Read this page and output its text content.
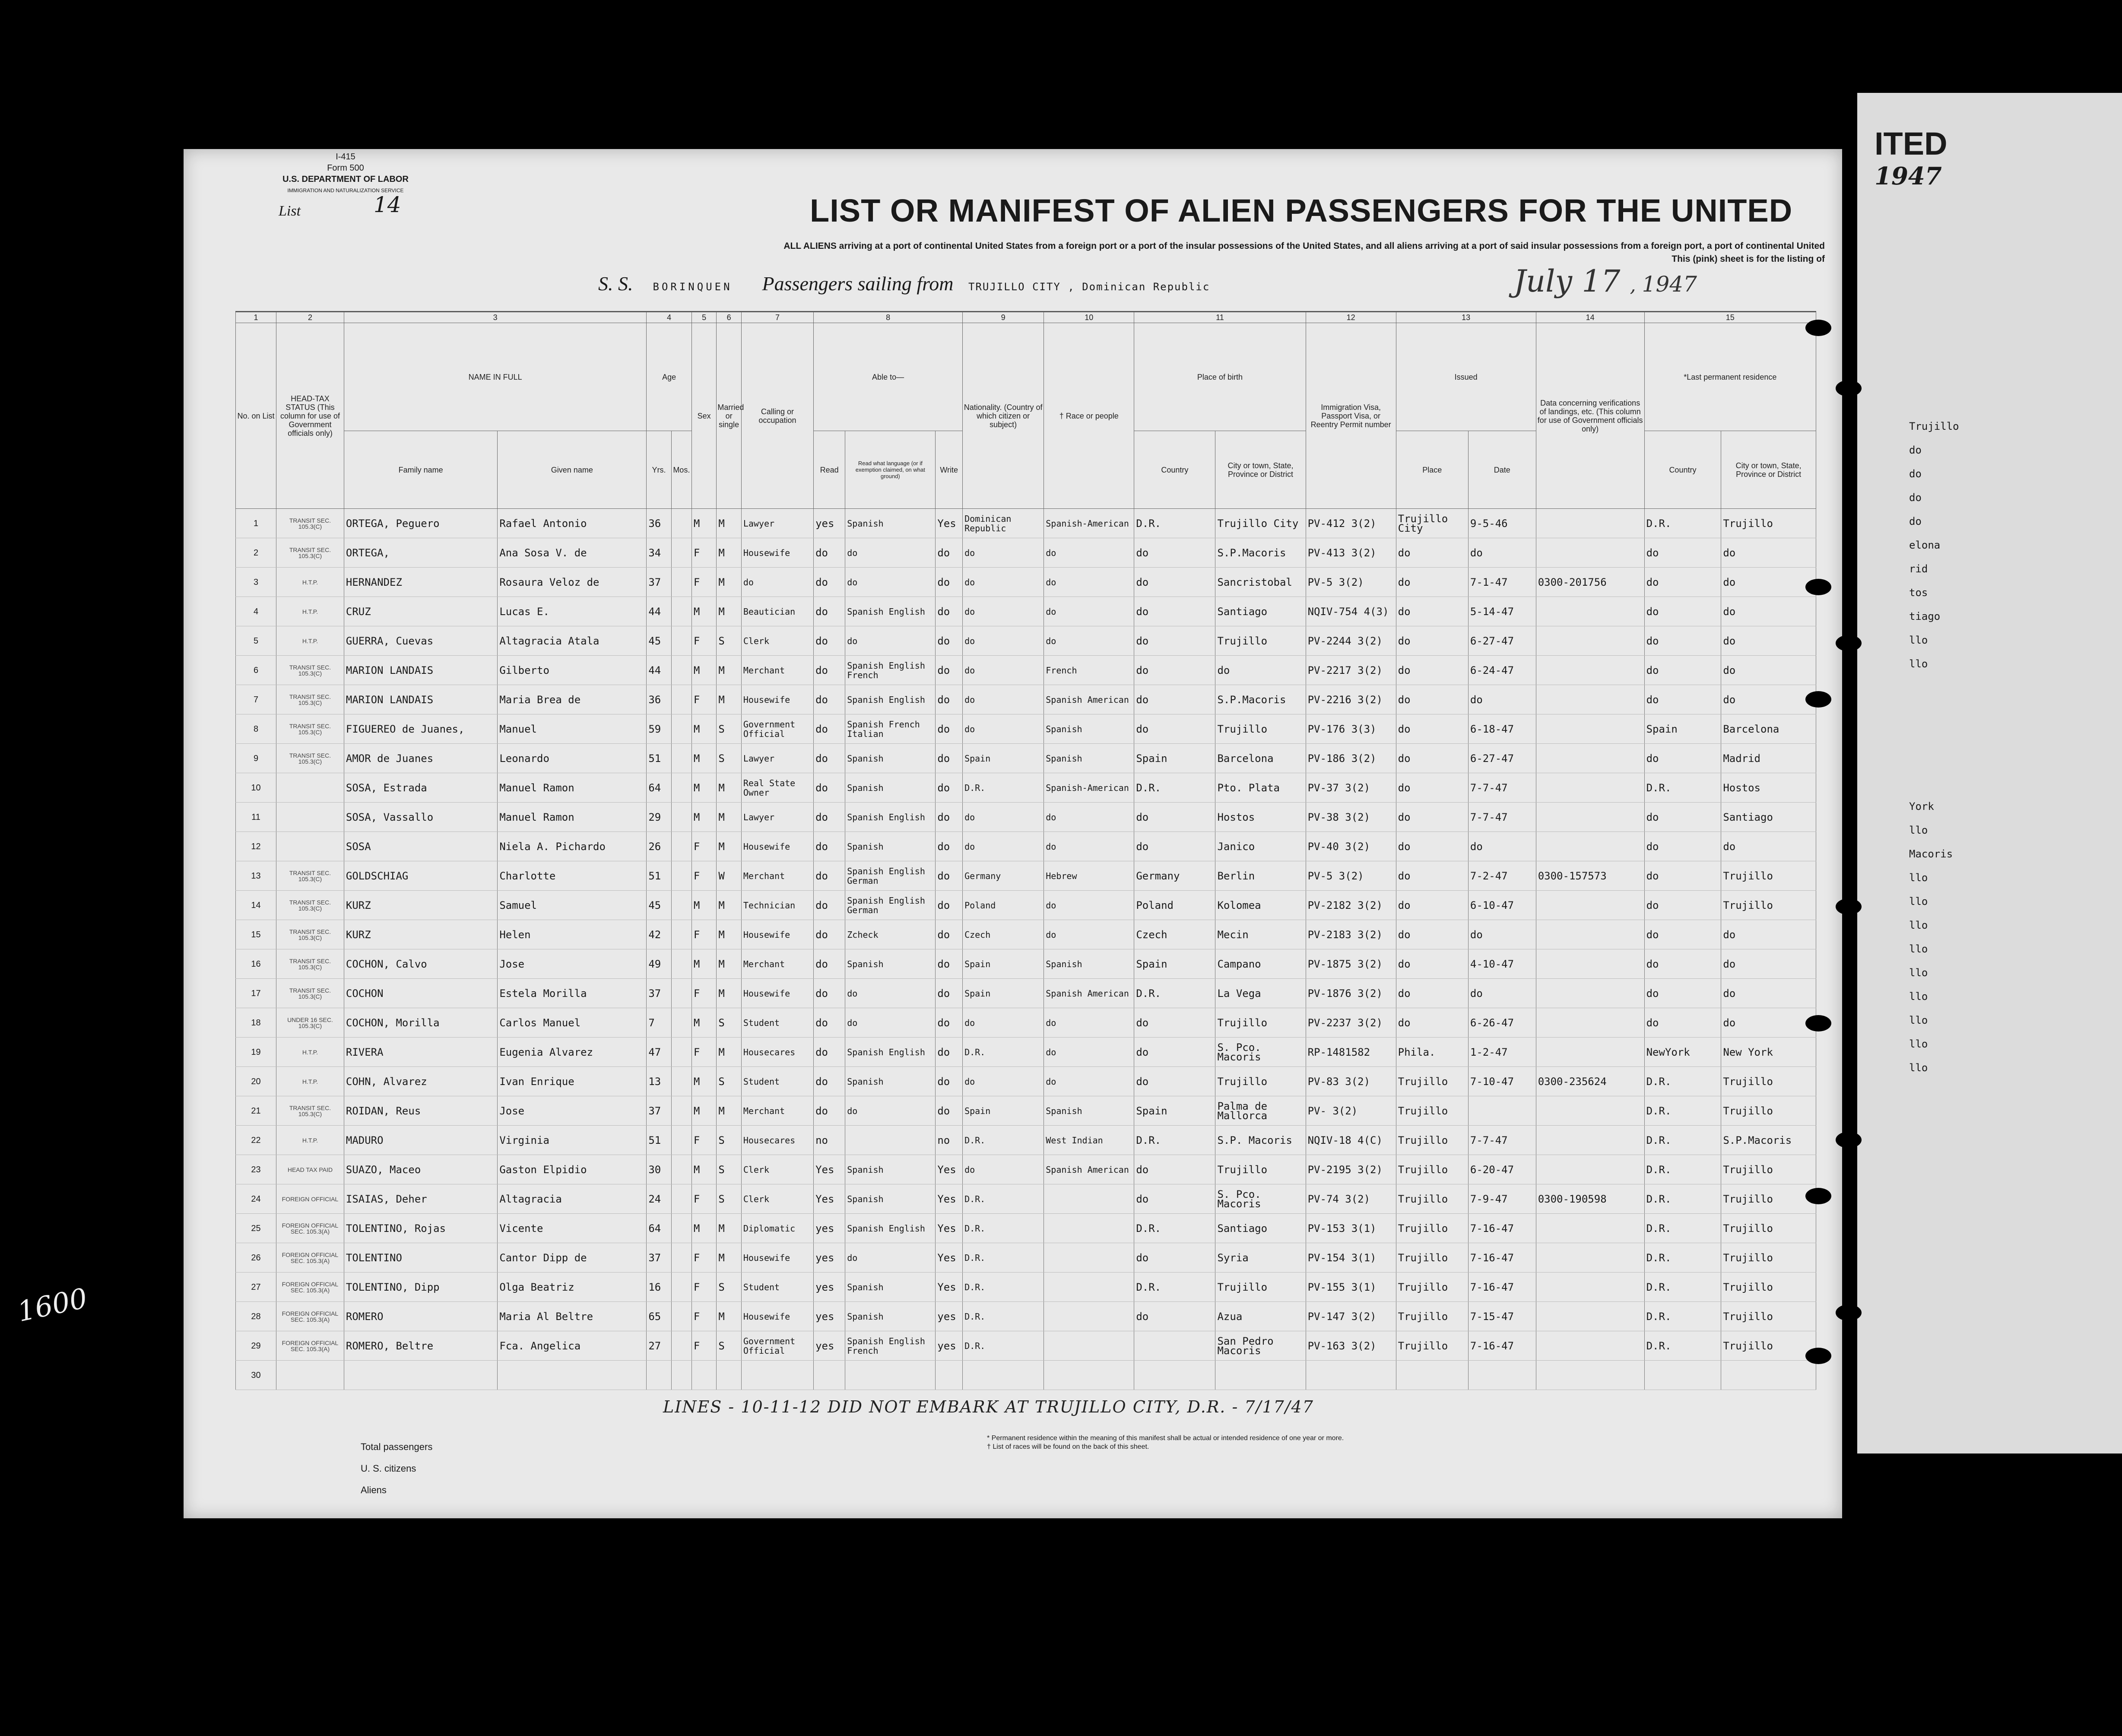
I-415
Form 500
U.S. DEPARTMENT OF LABOR
IMMIGRATION AND NATURALIZATION SERVICE
List	14	LIST OR MANIFEST OF ALIEN PASSENGERS FOR THE UNITED
ALL ALIENS arriving at a port of continental United States from a foreign port or a port of the insular possessions of the United States, and all aliens arriving at a port of said insular possessions from a foreign port, a port of continental United
This (pink) sheet is for the listing of
S. S. BORINQUEN Passengers sailing from TRUJILLO CITY , Dominican Republic	July 17 , 1947
1	2	3		4		5	6	7	8			9	10	11		12	13		14	15	
No. on List	HEAD-TAX STATUS (This column for use of Government officials only)	NAME IN FULL		Age		Sex	Married or single	Calling or occupation	Able to—			Nationality. (Country of which citizen or subject)	† Race or people	Place of birth		Immigration Visa, Passport Visa, or Reentry Permit number	Issued		Data concerning verifications of landings, etc. (This column for use of Government officials only)	*Last permanent residence	
		Family name	Given name	Yrs.	Mos.				Read	Read what language (or if exemption claimed, on what ground)	Write			Country	City or town, State, Province or District		Place	Date		Country	City or town, State, Province or District
1	TRANSIT SEC. 105.3(C)	ORTEGA, Peguero	Rafael Antonio	36		M	M	Lawyer	yes	Spanish	Yes	Dominican Republic	Spanish-American	D.R.	Trujillo City	PV-412 3(2)	Trujillo City	9-5-46		D.R.	Trujillo
2	TRANSIT SEC. 105.3(C)	ORTEGA,	Ana Sosa V. de	34		F	M	Housewife	do	do	do	do	do	do	S.P.Macoris	PV-413 3(2)	do	do		do	do
3	H.T.P.	HERNANDEZ	Rosaura Veloz de	37		F	M	do	do	do	do	do	do	do	Sancristobal	PV-5 3(2)	do	7-1-47	0300-201756	do	do
4	H.T.P.	CRUZ	Lucas E.	44		M	M	Beautician	do	Spanish English	do	do	do	do	Santiago	NQIV-754 4(3)	do	5-14-47		do	do
5	H.T.P.	GUERRA, Cuevas	Altagracia Atala	45		F	S	Clerk	do	do	do	do	do	do	Trujillo	PV-2244 3(2)	do	6-27-47		do	do
6	TRANSIT SEC. 105.3(C)	MARION LANDAIS	Gilberto	44		M	M	Merchant	do	Spanish English French	do	do	French	do	do	PV-2217 3(2)	do	6-24-47		do	do
7	TRANSIT SEC. 105.3(C)	MARION LANDAIS	Maria Brea de	36		F	M	Housewife	do	Spanish English	do	do	Spanish American	do	S.P.Macoris	PV-2216 3(2)	do	do		do	do
8	TRANSIT SEC. 105.3(C)	FIGUEREO de Juanes,	Manuel	59		M	S	Government Official	do	Spanish French Italian	do	do	Spanish	do	Trujillo	PV-176 3(3)	do	6-18-47		Spain	Barcelona
9	TRANSIT SEC. 105.3(C)	AMOR de Juanes	Leonardo	51		M	S	Lawyer	do	Spanish	do	Spain	Spanish	Spain	Barcelona	PV-186 3(2)	do	6-27-47		do	Madrid
10		SOSA, Estrada	Manuel Ramon	64		M	M	Real State Owner	do	Spanish	do	D.R.	Spanish-American	D.R.	Pto. Plata	PV-37 3(2)	do	7-7-47		D.R.	Hostos
11		SOSA, Vassallo	Manuel Ramon	29		M	M	Lawyer	do	Spanish English	do	do	do	do	Hostos	PV-38 3(2)	do	7-7-47		do	Santiago
12		SOSA	Niela A. Pichardo	26		F	M	Housewife	do	Spanish	do	do	do	do	Janico	PV-40 3(2)	do	do		do	do
13	TRANSIT SEC. 105.3(C)	GOLDSCHIAG	Charlotte	51		F	W	Merchant	do	Spanish English German	do	Germany	Hebrew	Germany	Berlin	PV-5 3(2)	do	7-2-47	0300-157573	do	Trujillo
14	TRANSIT SEC. 105.3(C)	KURZ	Samuel	45		M	M	Technician	do	Spanish English German	do	Poland	do	Poland	Kolomea	PV-2182 3(2)	do	6-10-47		do	Trujillo
15	TRANSIT SEC. 105.3(C)	KURZ	Helen	42		F	M	Housewife	do	Zcheck	do	Czech	do	Czech	Mecin	PV-2183 3(2)	do	do		do	do
16	TRANSIT SEC. 105.3(C)	COCHON, Calvo	Jose	49		M	M	Merchant	do	Spanish	do	Spain	Spanish	Spain	Campano	PV-1875 3(2)	do	4-10-47		do	do
17	TRANSIT SEC. 105.3(C)	COCHON	Estela Morilla	37		F	M	Housewife	do	do	do	Spain	Spanish American	D.R.	La Vega	PV-1876 3(2)	do	do		do	do
18	UNDER 16 SEC. 105.3(C)	COCHON, Morilla	Carlos Manuel	7		M	S	Student	do	do	do	do	do	do	Trujillo	PV-2237 3(2)	do	6-26-47		do	do
19	H.T.P.	RIVERA	Eugenia Alvarez	47		F	M	Housecares	do	Spanish English	do	D.R.	do	do	S. Pco. Macoris	RP-1481582	Phila.	1-2-47		NewYork	New York
20	H.T.P.	COHN, Alvarez	Ivan Enrique	13		M	S	Student	do	Spanish	do	do	do	do	Trujillo	PV-83 3(2)	Trujillo	7-10-47	0300-235624	D.R.	Trujillo
21	TRANSIT SEC. 105.3(C)	ROIDAN, Reus	Jose	37		M	M	Merchant	do	do	do	Spain	Spanish	Spain	Palma de Mallorca	PV- 3(2)	Trujillo			D.R.	Trujillo
22	H.T.P.	MADURO	Virginia	51		F	S	Housecares	no		no	D.R.	West Indian	D.R.	S.P. Macoris	NQIV-18 4(C)	Trujillo	7-7-47		D.R.	S.P.Macoris
23	HEAD TAX PAID	SUAZO, Maceo	Gaston Elpidio	30		M	S	Clerk	Yes	Spanish	Yes	do	Spanish American	do	Trujillo	PV-2195 3(2)	Trujillo	6-20-47		D.R.	Trujillo
24	FOREIGN OFFICIAL	ISAIAS, Deher	Altagracia	24		F	S	Clerk	Yes	Spanish	Yes	D.R.		do	S. Pco. Macoris	PV-74 3(2)	Trujillo	7-9-47	0300-190598	D.R.	Trujillo
25	FOREIGN OFFICIAL SEC. 105.3(A)	TOLENTINO, Rojas	Vicente	64		M	M	Diplomatic	yes	Spanish English	Yes	D.R.		D.R.	Santiago	PV-153 3(1)	Trujillo	7-16-47		D.R.	Trujillo
26	FOREIGN OFFICIAL SEC. 105.3(A)	TOLENTINO	Cantor Dipp de	37		F	M	Housewife	yes	do	Yes	D.R.		do	Syria	PV-154 3(1)	Trujillo	7-16-47		D.R.	Trujillo
27	FOREIGN OFFICIAL SEC. 105.3(A)	TOLENTINO, Dipp	Olga Beatriz	16		F	S	Student	yes	Spanish	Yes	D.R.		D.R.	Trujillo	PV-155 3(1)	Trujillo	7-16-47		D.R.	Trujillo
28	FOREIGN OFFICIAL SEC. 105.3(A)	ROMERO	Maria Al Beltre	65		F	M	Housewife	yes	Spanish	yes	D.R.		do	Azua	PV-147 3(2)	Trujillo	7-15-47		D.R.	Trujillo
29	FOREIGN OFFICIAL SEC. 105.3(A)	ROMERO, Beltre	Fca. Angelica	27		F	S	Government Official	yes	Spanish English French	yes	D.R.			San Pedro Macoris	PV-163 3(2)	Trujillo	7-16-47		D.R.	Trujillo
30																					
LINES - 10-11-12 DID NOT EMBARK AT TRUJILLO CITY, D.R. - 7/17/47
Total passengers
U. S. citizens
Aliens
* Permanent residence within the meaning of this manifest shall be actual or intended residence of one year or more.
† List of races will be found on the back of this sheet.
1600
ITED
1947
Trujillo
do
do
do
do
elona
rid
tos
tiago
llo
llo
York
llo
Macoris
llo
llo
llo
llo
llo
llo
llo
llo
llo
